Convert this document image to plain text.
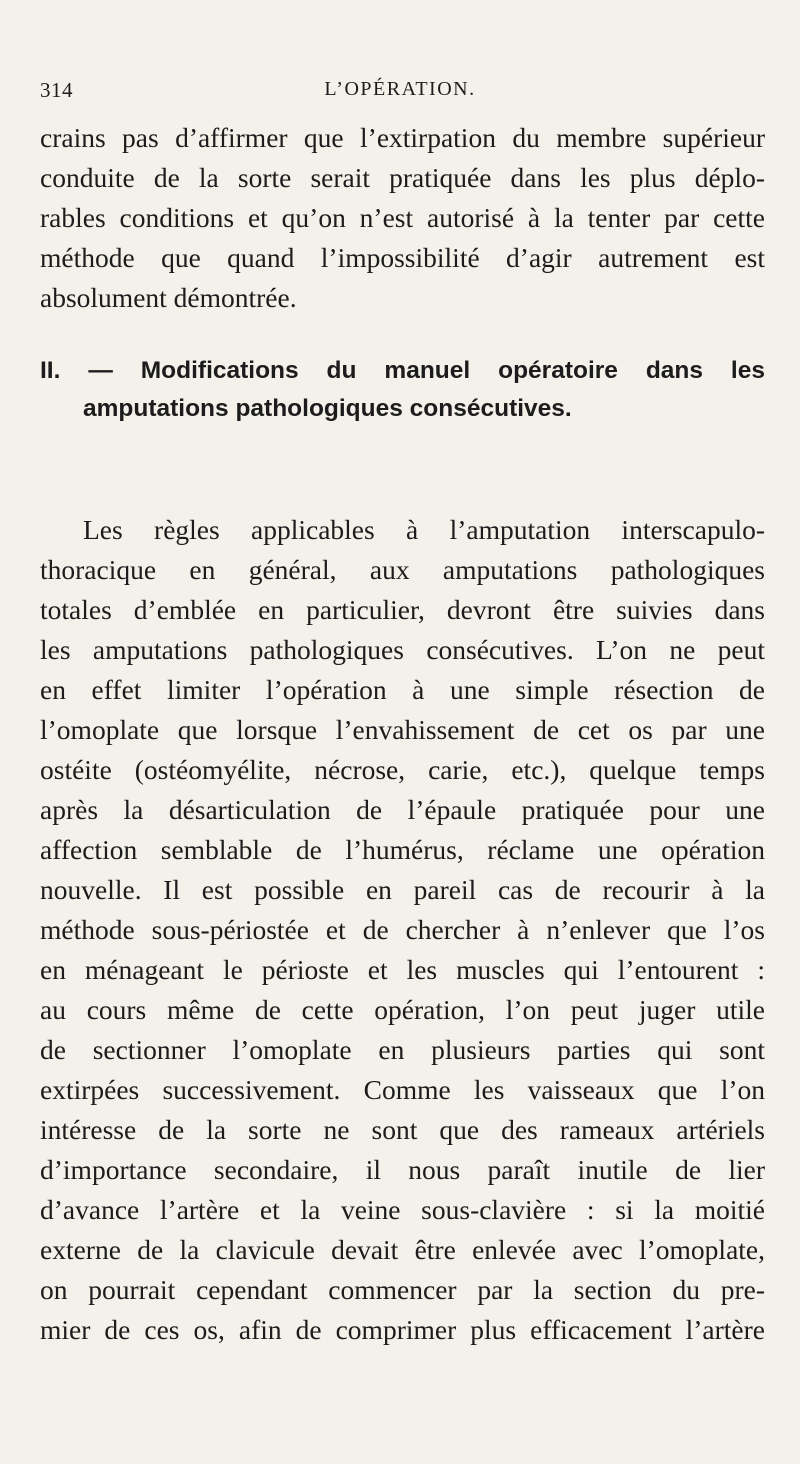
314	L’OPÉRATION.
crains pas d’affirmer que l’extirpation du membre supérieur
conduite de la sorte serait pratiquée dans les plus déplo-
rables conditions et qu’on n’est autorisé à la tenter par cette
méthode que quand l’impossibilité d’agir autrement est
absolument démontrée.
II. — Modifications du manuel opératoire dans les
amputations pathologiques consécutives.
Les règles applicables à l’amputation interscapulo-
thoracique en général, aux amputations pathologiques
totales d’emblée en particulier, devront être suivies dans
les amputations pathologiques consécutives. L’on ne peut
en effet limiter l’opération à une simple résection de
l’omoplate que lorsque l’envahissement de cet os par une
ostéite (ostéomyélite, nécrose, carie, etc.), quelque temps
après la désarticulation de l’épaule pratiquée pour une
affection semblable de l’humérus, réclame une opération
nouvelle. Il est possible en pareil cas de recourir à la
méthode sous-périostée et de chercher à n’enlever que l’os
en ménageant le périoste et les muscles qui l’entourent :
au cours même de cette opération, l’on peut juger utile
de sectionner l’omoplate en plusieurs parties qui sont
extirpées successivement. Comme les vaisseaux que l’on
intéresse de la sorte ne sont que des rameaux artériels
d’importance secondaire, il nous paraît inutile de lier
d’avance l’artère et la veine sous-clavière : si la moitié
externe de la clavicule devait être enlevée avec l’omoplate,
on pourrait cependant commencer par la section du pre-
mier de ces os, afin de comprimer plus efficacement l’artère
